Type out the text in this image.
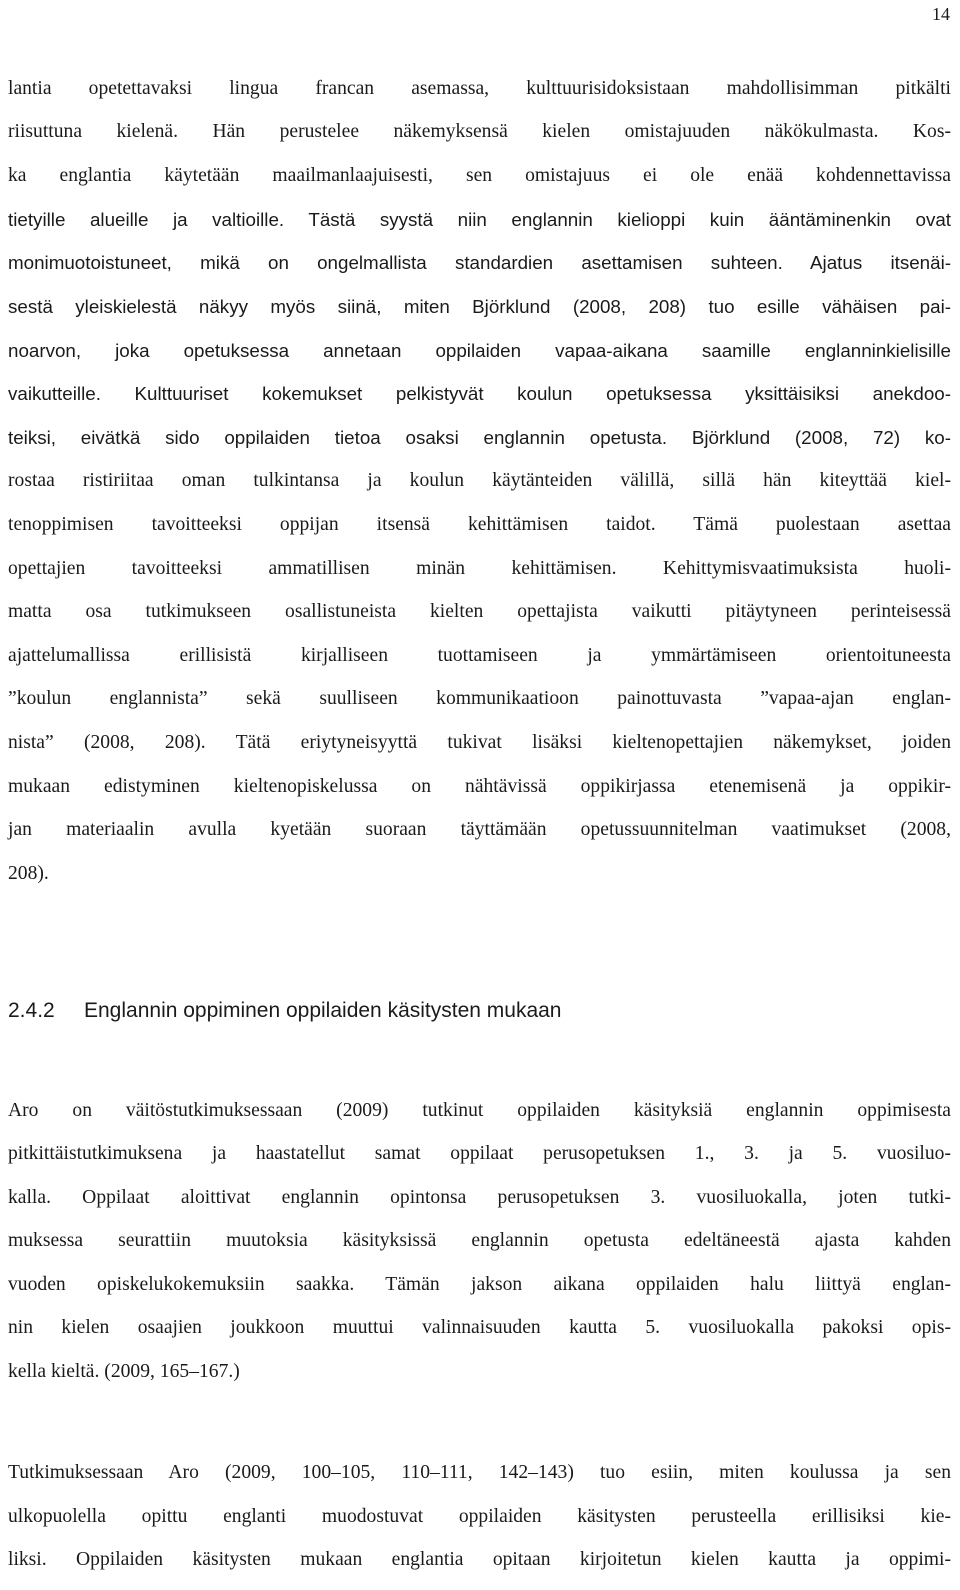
14
lantia opetettavaksi lingua francan asemassa, kulttuurisidoksistaan mahdollisimman pitkälti
riisuttuna kielenä. Hän perustelee näkemyksensä kielen omistajuuden näkökulmasta. Kos-
ka englantia käytetään maailmanlaajuisesti, sen omistajuus ei ole enää kohdennettavissa
tietyille alueille ja valtioille. Tästä syystä niin englannin kielioppi kuin ääntäminenkin ovat
monimuotoistuneet, mikä on ongelmallista standardien asettamisen suhteen. Ajatus itsenäi-
sestä yleiskielestä näkyy myös siinä, miten Björklund (2008, 208) tuo esille vähäisen pai-
noarvon, joka opetuksessa annetaan oppilaiden vapaa-aikana saamille englanninkielisille
vaikutteille. Kulttuuriset kokemukset pelkistyvät koulun opetuksessa yksittäisiksi anekdoo-
teiksi, eivätkä sido oppilaiden tietoa osaksi englannin opetusta. Björklund (2008, 72) ko-
rostaa ristiriitaa oman tulkintansa ja koulun käytänteiden välillä, sillä hän kiteyttää kiel-
tenoppimisen tavoitteeksi oppijan itsensä kehittämisen taidot. Tämä puolestaan asettaa
opettajien tavoitteeksi ammatillisen minän kehittämisen. Kehittymisvaatimuksista huoli-
matta osa tutkimukseen osallistuneista kielten opettajista vaikutti pitäytyneen perinteisessä
ajattelumallissa erillisistä kirjalliseen tuottamiseen ja ymmärtämiseen orientoituneesta
”koulun englannista” sekä suulliseen kommunikaatioon painottuvasta ”vapaa-ajan englan-
nista” (2008, 208). Tätä eriytyneisyyttä tukivat lisäksi kieltenopettajien näkemykset, joiden
mukaan edistyminen kieltenopiskelussa on nähtävissä oppikirjassa etenemisenä ja oppikir-
jan materiaalin avulla kyetään suoraan täyttämään opetussuunnitelman vaatimukset (2008,
208).
2.4.2 Englannin oppiminen oppilaiden käsitysten mukaan
Aro on väitöstutkimuksessaan (2009) tutkinut oppilaiden käsityksiä englannin oppimisesta
pitkittäistutkimuksena ja haastatellut samat oppilaat perusopetuksen 1., 3. ja 5. vuosiluo-
kalla. Oppilaat aloittivat englannin opintonsa perusopetuksen 3. vuosiluokalla, joten tutki-
muksessa seurattiin muutoksia käsityksissä englannin opetusta edeltäneestä ajasta kahden
vuoden opiskelukokemuksiin saakka. Tämän jakson aikana oppilaiden halu liittyä englan-
nin kielen osaajien joukkoon muuttui valinnaisuuden kautta 5. vuosiluokalla pakoksi opis-
kella kieltä. (2009, 165–167.)
Tutkimuksessaan Aro (2009, 100–105, 110–111, 142–143) tuo esiin, miten koulussa ja sen
ulkopuolella opittu englanti muodostuvat oppilaiden käsitysten perusteella erillisiksi kie-
liksi. Oppilaiden käsitysten mukaan englantia opitaan kirjoitetun kielen kautta ja oppimi-
